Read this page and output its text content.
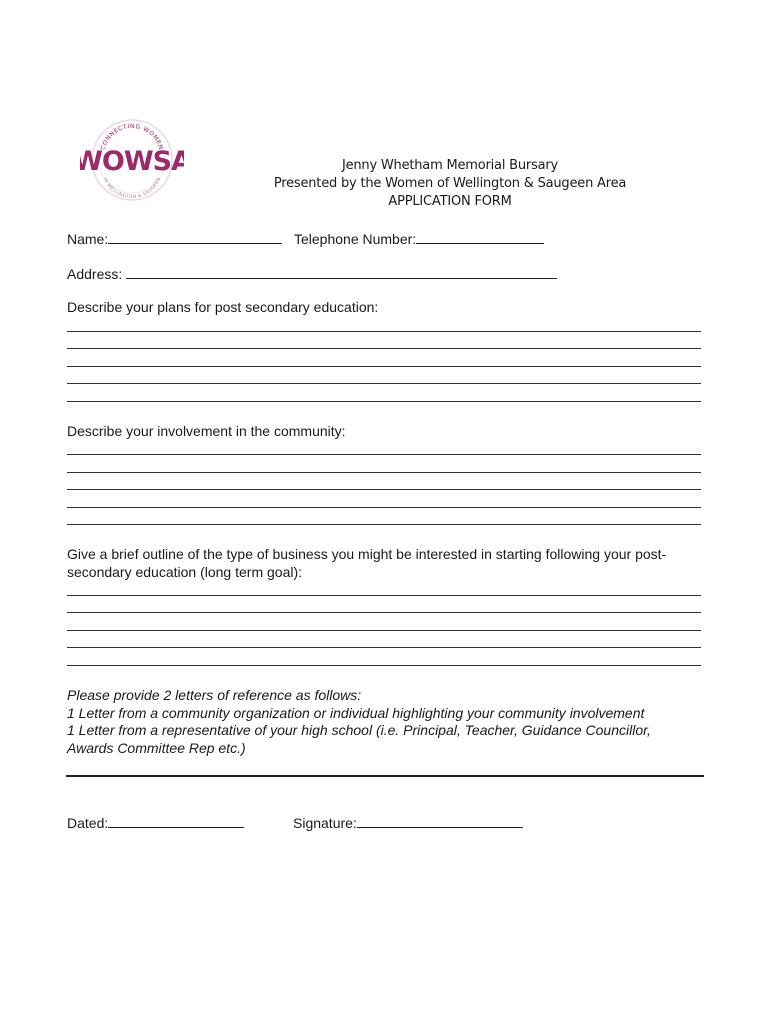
CONNECTING WOMEN
IN WELLINGTON & SAUGEEN
WOWSA	Jenny Whetham Memorial Bursary
Presented by the Women of Wellington & Saugeen Area
APPLICATION FORM
Name:	Telephone Number:
Address:
Describe your plans for post secondary education:
Describe your involvement in the community:
Give a brief outline of the type of business you might be interested in starting following your post-
secondary education (long term goal):
Please provide 2 letters of reference as follows:
1 Letter from a community organization or individual highlighting your community involvement
1 Letter from a representative of your high school (i.e. Principal, Teacher, Guidance Councillor,
Awards Committee Rep etc.)
Dated:	Signature:
